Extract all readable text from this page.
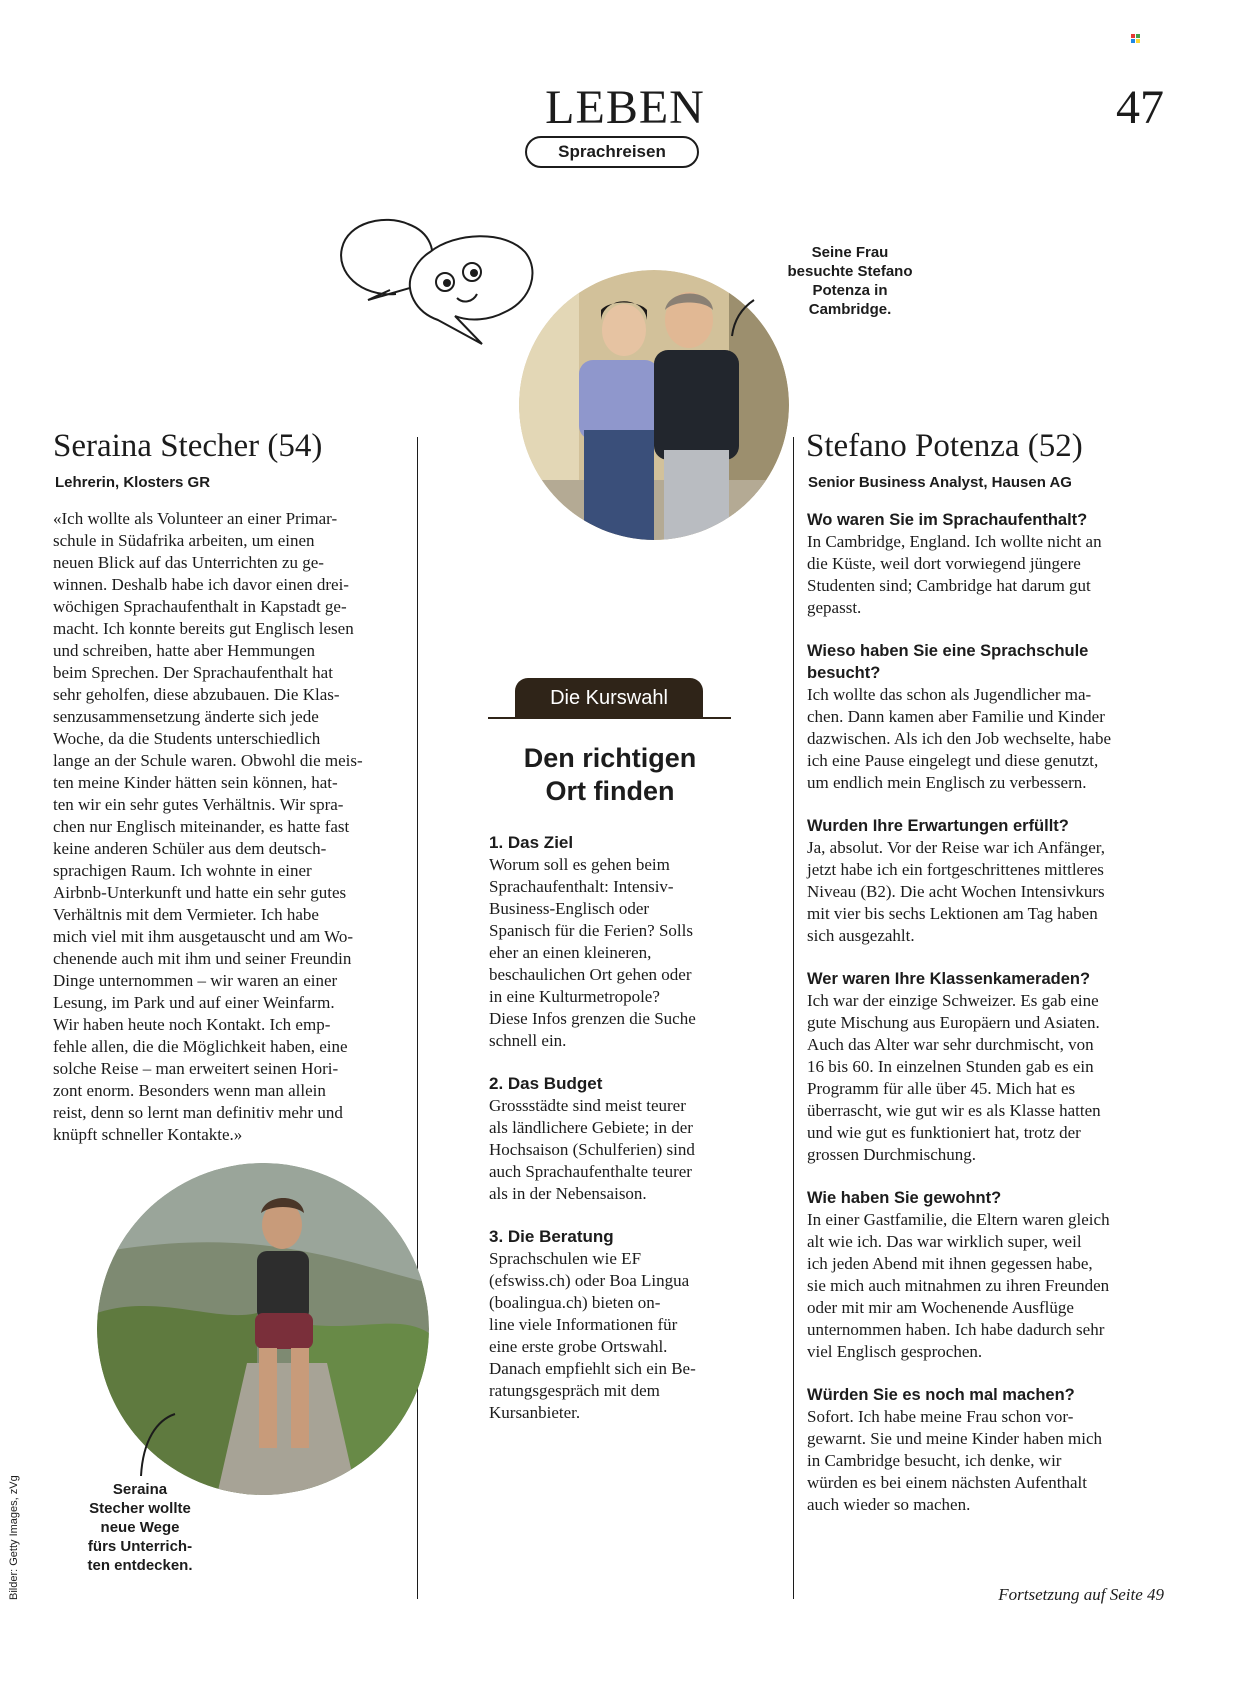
LEBEN
Sprachreisen
47
Seine Frau
besuchte Stefano
Potenza in
Cambridge.
Seraina Stecher (54)
Lehrerin, Klosters GR
«Ich wollte als Volunteer an einer Primar-
schule in Südafrika arbeiten, um einen
neuen Blick auf das Unterrichten zu ge-
winnen. Deshalb habe ich davor einen drei-
wöchigen Sprachaufenthalt in Kapstadt ge-
macht. Ich konnte bereits gut Englisch lesen
und schreiben, hatte aber Hemmungen
beim Sprechen. Der Sprachaufenthalt hat
sehr geholfen, diese abzubauen. Die Klas-
senzusammensetzung änderte sich jede
Woche, da die Students unterschiedlich
lange an der Schule waren. Obwohl die meis-
ten meine Kinder hätten sein können, hat-
ten wir ein sehr gutes Verhältnis. Wir spra-
chen nur Englisch miteinander, es hatte fast
keine anderen Schüler aus dem deutsch-
sprachigen Raum. Ich wohnte in einer
Airbnb-Unterkunft und hatte ein sehr gutes
Verhältnis mit dem Vermieter. Ich habe
mich viel mit ihm ausgetauscht und am Wo-
chenende auch mit ihm und seiner Freundin
Dinge unternommen – wir waren an einer
Lesung, im Park und auf einer Weinfarm.
Wir haben heute noch Kontakt. Ich emp-
fehle allen, die die Möglichkeit haben, eine
solche Reise – man erweitert seinen Hori-
zont enorm. Besonders wenn man allein
reist, denn so lernt man definitiv mehr und
knüpft schneller Kontakte.»
Seraina
Stecher wollte
neue Wege
fürs Unterrich-
ten entdecken.
Die Kurswahl
Den richtigen
Ort finden
1. Das Ziel
Worum soll es gehen beim
Sprachaufenthalt: Intensiv-
Business-Englisch oder
Spanisch für die Ferien? Solls
eher an einen kleineren,
beschaulichen Ort gehen oder
in eine Kulturmetropole?
Diese Infos grenzen die Suche
schnell ein.
2. Das Budget
Grossstädte sind meist teurer
als ländlichere Gebiete; in der
Hochsaison (Schulferien) sind
auch Sprachaufenthalte teurer
als in der Nebensaison.
3. Die Beratung
Sprachschulen wie EF
(efswiss.ch) oder Boa Lingua
(boalingua.ch) bieten on-
line viele Informationen für
eine erste grobe Ortswahl.
Danach empfiehlt sich ein Be-
ratungsgespräch mit dem
Kursanbieter.
Stefano Potenza (52)
Senior Business Analyst, Hausen AG
Wo waren Sie im Sprachaufenthalt?
In Cambridge, England. Ich wollte nicht an
die Küste, weil dort vorwiegend jüngere
Studenten sind; Cambridge hat darum gut
gepasst.
Wieso haben Sie eine Sprachschule
besucht?
Ich wollte das schon als Jugendlicher ma-
chen. Dann kamen aber Familie und Kinder
dazwischen. Als ich den Job wechselte, habe
ich eine Pause eingelegt und diese genutzt,
um endlich mein Englisch zu verbessern.
Wurden Ihre Erwartungen erfüllt?
Ja, absolut. Vor der Reise war ich Anfänger,
jetzt habe ich ein fortgeschrittenes mittleres
Niveau (B2). Die acht Wochen Intensivkurs
mit vier bis sechs Lektionen am Tag haben
sich ausgezahlt.
Wer waren Ihre Klassenkameraden?
Ich war der einzige Schweizer. Es gab eine
gute Mischung aus Europäern und Asiaten.
Auch das Alter war sehr durchmischt, von
16 bis 60. In einzelnen Stunden gab es ein
Programm für alle über 45. Mich hat es
überrascht, wie gut wir es als Klasse hatten
und wie gut es funktioniert hat, trotz der
grossen Durchmischung.
Wie haben Sie gewohnt?
In einer Gastfamilie, die Eltern waren gleich
alt wie ich. Das war wirklich super, weil
ich jeden Abend mit ihnen gegessen habe,
sie mich auch mitnahmen zu ihren Freunden
oder mit mir am Wochenende Ausflüge
unternommen haben. Ich habe dadurch sehr
viel Englisch gesprochen.
Würden Sie es noch mal machen?
Sofort. Ich habe meine Frau schon vor-
gewarnt. Sie und meine Kinder haben mich
in Cambridge besucht, ich denke, wir
würden es bei einem nächsten Aufenthalt
auch wieder so machen.
Bilder: Getty Images, zVg	Fortsetzung auf Seite 49
